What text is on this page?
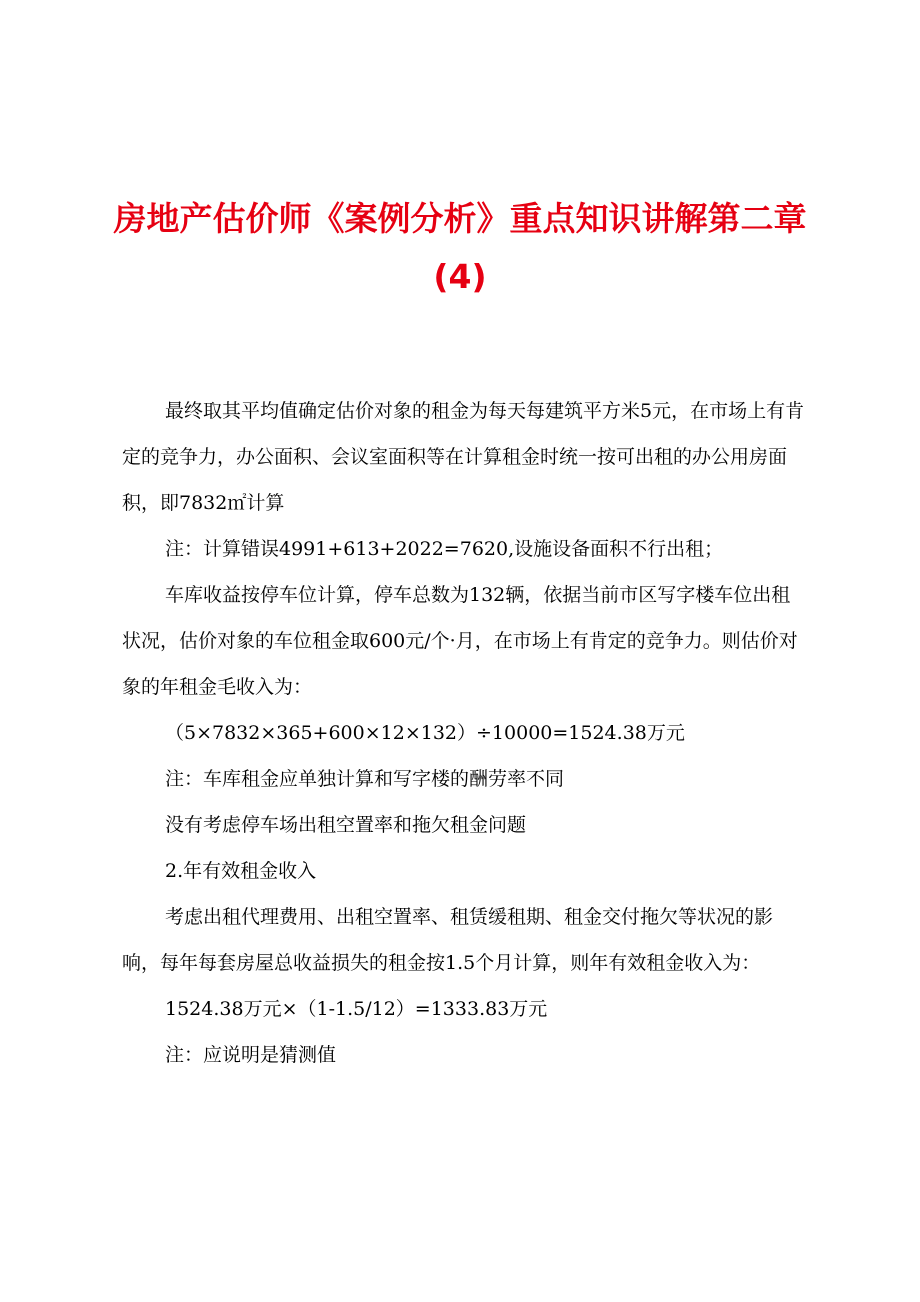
房地产估价师《案例分析》重点知识讲解第二章(4)

最终取其平均值确定估价对象的租金为每天每建筑平方米5元，在市场上有肯定的竞争力，办公面积、会议室面积等在计算租金时统一按可出租的办公用房面积，即7832㎡计算

注：计算错误4991+613+2022=7620,设施设备面积不行出租；

车库收益按停车位计算，停车总数为132辆，依据当前市区写字楼车位出租状况，估价对象的车位租金取600元/个·月，在市场上有肯定的竞争力。则估价对象的年租金毛收入为：

（5×7832×365+600×12×132）÷10000=1524.38万元

注：车库租金应单独计算和写字楼的酬劳率不同

没有考虑停车场出租空置率和拖欠租金问题

2.年有效租金收入

考虑出租代理费用、出租空置率、租赁缓租期、租金交付拖欠等状况的影响，每年每套房屋总收益损失的租金按1.5个月计算，则年有效租金收入为：

1524.38万元×（1-1.5/12）=1333.83万元

注：应说明是猜测值
